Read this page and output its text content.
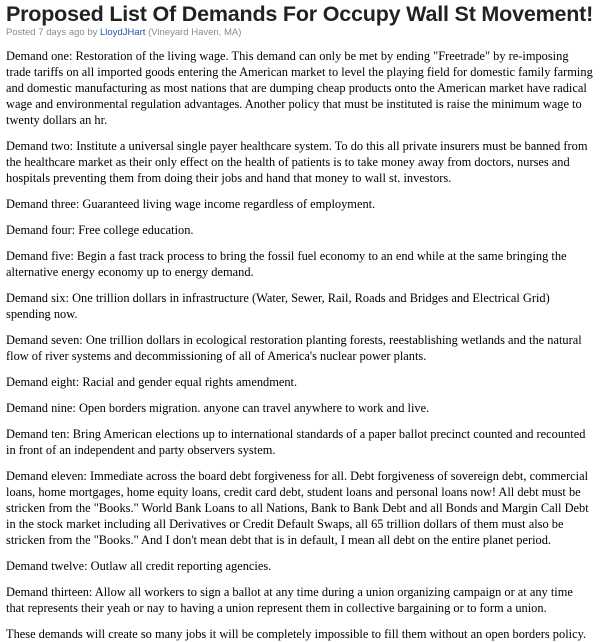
Proposed List Of Demands For Occupy Wall St Movement!
Posted 7 days ago by LloydJHart (Vineyard Haven, MA)

Demand one: Restoration of the living wage. This demand can only be met by ending "Freetrade" by re-imposing trade tariffs on all imported goods entering the American market to level the playing field for domestic family farming and domestic manufacturing as most nations that are dumping cheap products onto the American market have radical wage and environmental regulation advantages. Another policy that must be instituted is raise the minimum wage to twenty dollars an hr.

Demand two: Institute a universal single payer healthcare system. To do this all private insurers must be banned from the healthcare market as their only effect on the health of patients is to take money away from doctors, nurses and hospitals preventing them from doing their jobs and hand that money to wall st. investors.

Demand three: Guaranteed living wage income regardless of employment.

Demand four: Free college education.

Demand five: Begin a fast track process to bring the fossil fuel economy to an end while at the same bringing the alternative energy economy up to energy demand.

Demand six: One trillion dollars in infrastructure (Water, Sewer, Rail, Roads and Bridges and Electrical Grid) spending now.

Demand seven: One trillion dollars in ecological restoration planting forests, reestablishing wetlands and the natural flow of river systems and decommissioning of all of America's nuclear power plants.

Demand eight: Racial and gender equal rights amendment.

Demand nine: Open borders migration. anyone can travel anywhere to work and live.

Demand ten: Bring American elections up to international standards of a paper ballot precinct counted and recounted in front of an independent and party observers system.

Demand eleven: Immediate across the board debt forgiveness for all. Debt forgiveness of sovereign debt, commercial loans, home mortgages, home equity loans, credit card debt, student loans and personal loans now! All debt must be stricken from the "Books." World Bank Loans to all Nations, Bank to Bank Debt and all Bonds and Margin Call Debt in the stock market including all Derivatives or Credit Default Swaps, all 65 trillion dollars of them must also be stricken from the "Books." And I don't mean debt that is in default, I mean all debt on the entire planet period.

Demand twelve: Outlaw all credit reporting agencies.

Demand thirteen: Allow all workers to sign a ballot at any time during a union organizing campaign or at any time that represents their yeah or nay to having a union represent them in collective bargaining or to form a union.

These demands will create so many jobs it will be completely impossible to fill them without an open borders policy.
